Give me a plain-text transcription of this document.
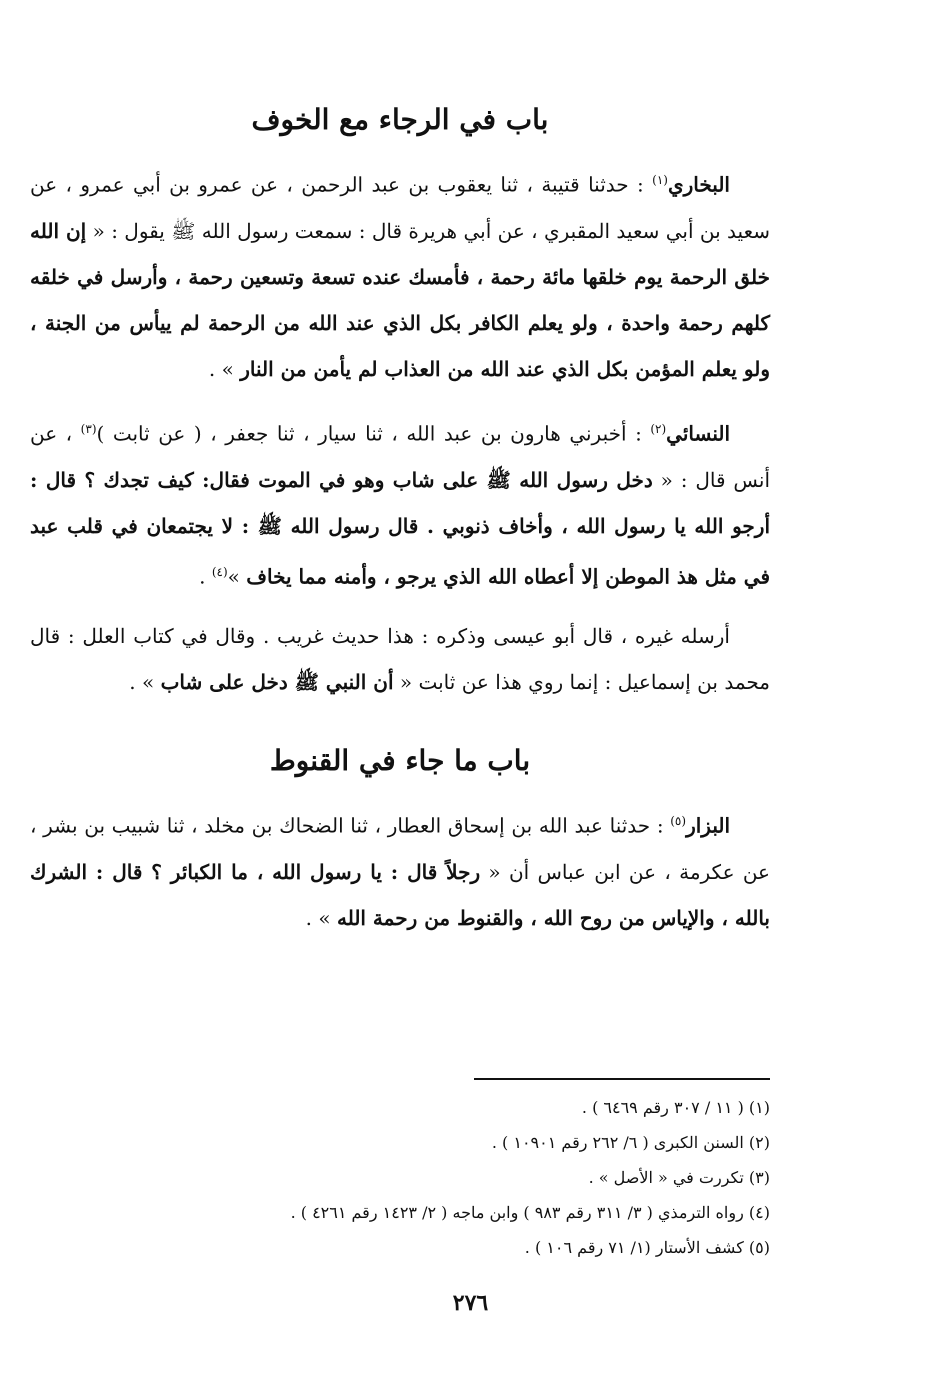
باب في الرجاء مع الخوف

البخاري$^{(١)}$ : حدثنا قتيبة ، ثنا يعقوب بن عبد الرحمن ، عن عمرو بن أبي عمرو ، عن سعيد بن أبي سعيد المقبري ، عن أبي هريرة قال : سمعت رسول الله ﷺ يقول : « إن الله خلق الرحمة يوم خلقها مائة رحمة ، فأمسك عنده تسعة وتسعين رحمة ، وأرسل في خلقه كلهم رحمة واحدة ، ولو يعلم الكافر بكل الذي عند الله من الرحمة لم ييأس من الجنة ، ولو يعلم المؤمن بكل الذي عند الله من العذاب لم يأمن من النار » .

النسائي$^{(٢)}$ : أخبرني هارون بن عبد الله ، ثنا سيار ، ثنا جعفر ، ( عن ثابت )$^{(٣)}$ ، عن أنس قال : « دخل رسول الله ﷺ على شاب وهو في الموت فقال: كيف تجدك ؟ قال : أرجو الله يا رسول الله ، وأخاف ذنوبي . قال رسول الله ﷺ : لا يجتمعان في قلب عبد في مثل هذ الموطن إلا أعطاه الله الذي يرجو ، وأمنه مما يخاف »$^{(٤)}$ .

أرسله غيره ، قال أبو عيسى وذكره : هذا حديث غريب . وقال في كتاب العلل : قال محمد بن إسماعيل : إنما روي هذا عن ثابت « أن النبي ﷺ دخل على شاب » .

باب ما جاء في القنوط

البزار$^{(٥)}$ : حدثنا عبد الله بن إسحاق العطار ، ثنا الضحاك بن مخلد ، ثنا شبيب بن بشر ، عن عكرمة ، عن ابن عباس أن « رجلاً قال : يا رسول الله ، ما الكبائر ؟ قال : الشرك بالله ، والإياس من روح الله ، والقنوط من رحمة الله » .

(١) ( ١١ / ٣٠٧ رقم ٦٤٦٩ ) .
(٢) السنن الكبرى ( ٦/ ٢٦٢ رقم ١٠٩٠١ ) .
(٣) تكررت في « الأصل » .
(٤) رواه الترمذي ( ٣/ ٣١١ رقم ٩٨٣ ) وابن ماجه ( ٢/ ١٤٢٣ رقم ٤٢٦١ ) .
(٥) كشف الأستار (١/ ٧١ رقم ١٠٦ ) .
٢٧٦
